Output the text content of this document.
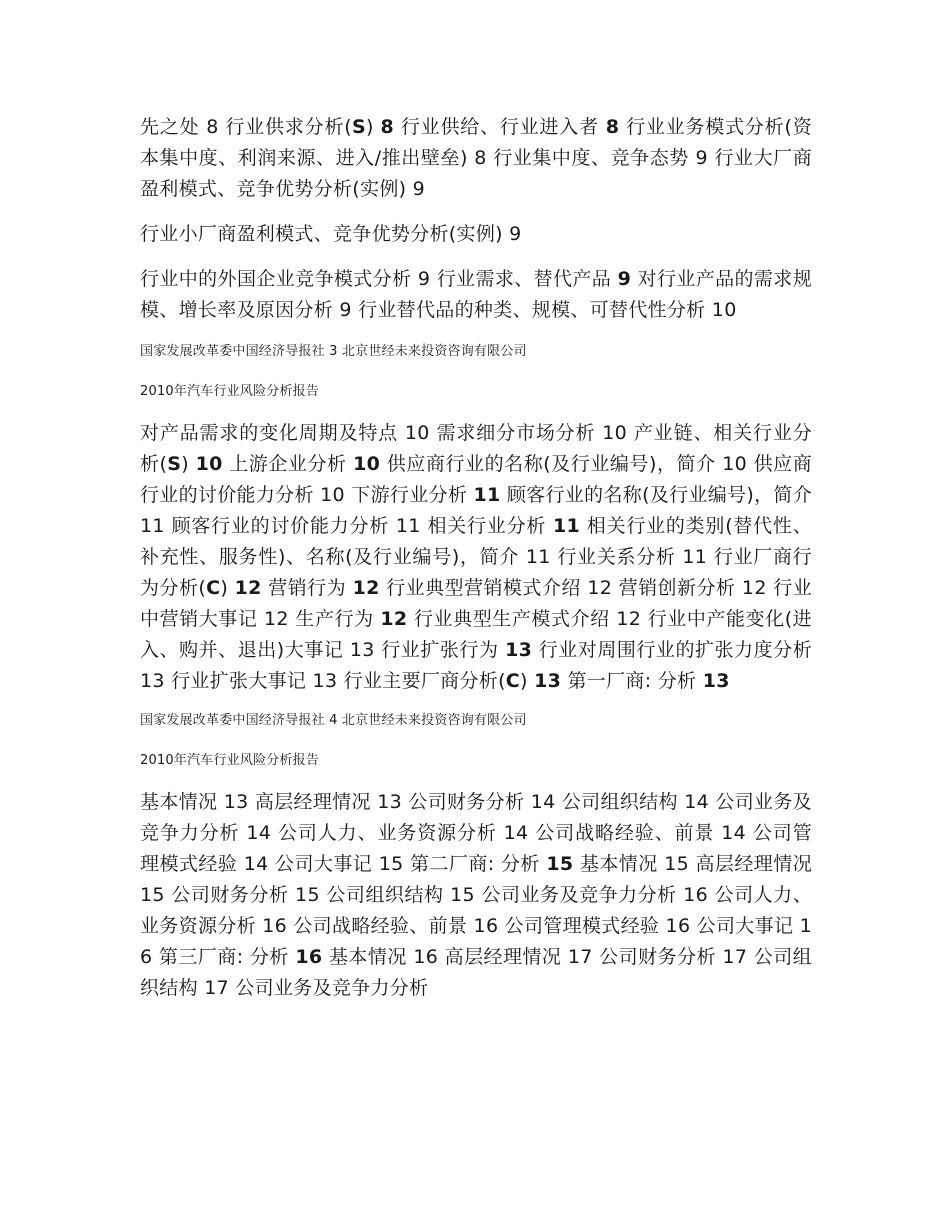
先之处 8 行业供求分析(S) 8 行业供给、行业进入者 8 行业业务模式分析(资本集中度、利润来源、进入/推出壁垒) 8 行业集中度、竞争态势 9 行业大厂商盈利模式、竞争优势分析(实例) 9

行业小厂商盈利模式、竞争优势分析(实例) 9

行业中的外国企业竞争模式分析 9 行业需求、替代产品 9 对行业产品的需求规模、增长率及原因分析 9 行业替代品的种类、规模、可替代性分析 10

国家发展改革委中国经济导报社 3 北京世经未来投资咨询有限公司

2010年汽车行业风险分析报告

对产品需求的变化周期及特点 10 需求细分市场分析 10 产业链、相关行业分析(S) 10 上游企业分析 10 供应商行业的名称(及行业编号)，简介 10 供应商行业的讨价能力分析 10 下游行业分析 11 顾客行业的名称(及行业编号)，简介 11 顾客行业的讨价能力分析 11 相关行业分析 11 相关行业的类别(替代性、补充性、服务性)、名称(及行业编号)，简介 11 行业关系分析 11 行业厂商行为分析(C) 12 营销行为 12 行业典型营销模式介绍 12 营销创新分析 12 行业中营销大事记 12 生产行为 12 行业典型生产模式介绍 12 行业中产能变化(进入、购并、退出)大事记 13 行业扩张行为 13 行业对周围行业的扩张力度分析 13 行业扩张大事记 13 行业主要厂商分析(C) 13 第一厂商: 分析 13

国家发展改革委中国经济导报社 4 北京世经未来投资咨询有限公司

2010年汽车行业风险分析报告

基本情况 13 高层经理情况 13 公司财务分析 14 公司组织结构 14 公司业务及竞争力分析 14 公司人力、业务资源分析 14 公司战略经验、前景 14 公司管理模式经验 14 公司大事记 15 第二厂商: 分析 15 基本情况 15 高层经理情况 15 公司财务分析 15 公司组织结构 15 公司业务及竞争力分析 16 公司人力、业务资源分析 16 公司战略经验、前景 16 公司管理模式经验 16 公司大事记 16 第三厂商: 分析 16 基本情况 16 高层经理情况 17 公司财务分析 17 公司组织结构 17 公司业务及竞争力分析
